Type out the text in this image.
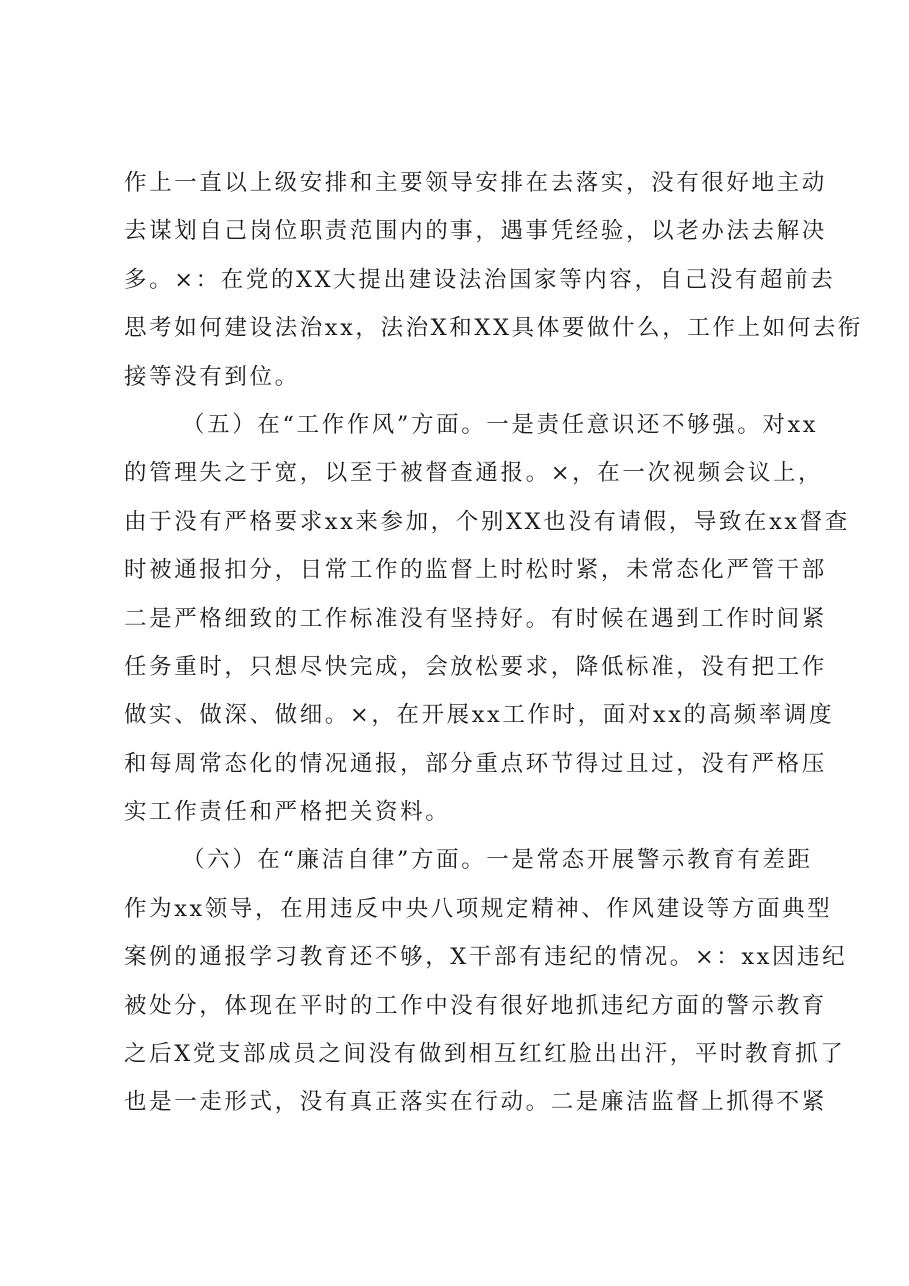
作上一直以上级安排和主要领导安排在去落实，没有很好地主动
去谋划自己岗位职责范围内的事，遇事凭经验，以老办法去解决
多。×：在党的XX大提出建设法治国家等内容，自己没有超前去
思考如何建设法治xx，法治X和XX具体要做什么，工作上如何去衔
接等没有到位。
（五）在“工作作风”方面。一是责任意识还不够强。对xx
的管理失之于宽，以至于被督查通报。×，在一次视频会议上，
由于没有严格要求xx来参加，个别XX也没有请假，导致在xx督查
时被通报扣分，日常工作的监督上时松时紧，未常态化严管干部
二是严格细致的工作标准没有坚持好。有时候在遇到工作时间紧
任务重时，只想尽快完成，会放松要求，降低标准，没有把工作
做实、做深、做细。×，在开展xx工作时，面对xx的高频率调度
和每周常态化的情况通报，部分重点环节得过且过，没有严格压
实工作责任和严格把关资料。
（六）在“廉洁自律”方面。一是常态开展警示教育有差距
作为xx领导，在用违反中央八项规定精神、作风建设等方面典型
案例的通报学习教育还不够，X干部有违纪的情况。×：xx因违纪
被处分，体现在平时的工作中没有很好地抓违纪方面的警示教育
之后X党支部成员之间没有做到相互红红脸出出汗，平时教育抓了
也是一走形式，没有真正落实在行动。二是廉洁监督上抓得不紧
